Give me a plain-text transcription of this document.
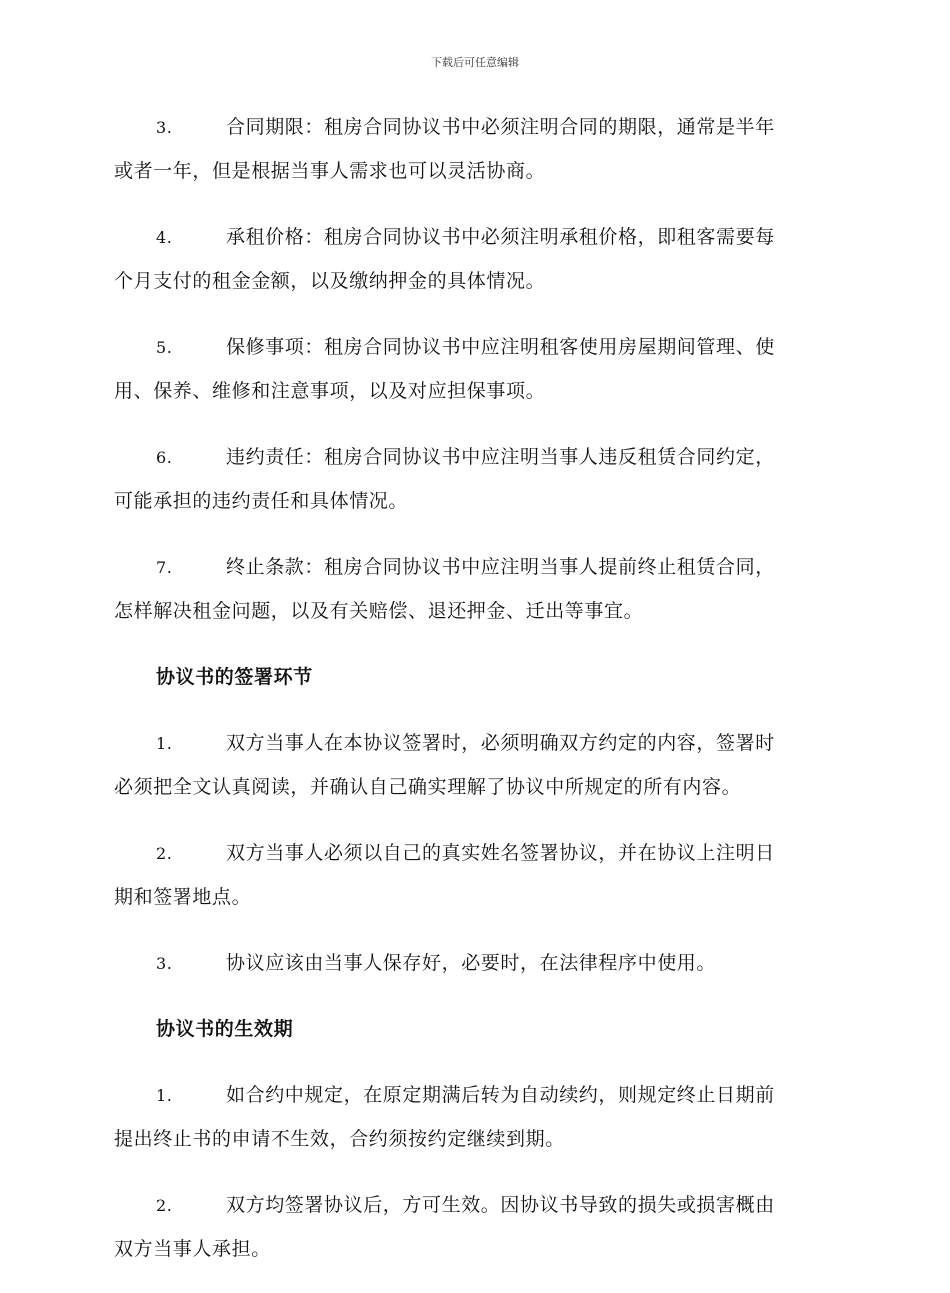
下载后可任意编辑
3.	合同期限：租房合同协议书中必须注明合同的期限，通常是半年
或者一年，但是根据当事人需求也可以灵活协商。
4.	承租价格：租房合同协议书中必须注明承租价格，即租客需要每
个月支付的租金金额，以及缴纳押金的具体情况。
5.	保修事项：租房合同协议书中应注明租客使用房屋期间管理、使
用、保养、维修和注意事项，以及对应担保事项。
6.	违约责任：租房合同协议书中应注明当事人违反租赁合同约定，
可能承担的违约责任和具体情况。
7.	终止条款：租房合同协议书中应注明当事人提前终止租赁合同，
怎样解决租金问题，以及有关赔偿、退还押金、迁出等事宜。
协议书的签署环节
1.	双方当事人在本协议签署时，必须明确双方约定的内容，签署时
必须把全文认真阅读，并确认自己确实理解了协议中所规定的所有内容。
2.	双方当事人必须以自己的真实姓名签署协议，并在协议上注明日
期和签署地点。
3.	协议应该由当事人保存好，必要时，在法律程序中使用。
协议书的生效期
1.	如合约中规定，在原定期满后转为自动续约，则规定终止日期前
提出终止书的申请不生效，合约须按约定继续到期。
2.	双方均签署协议后，方可生效。因协议书导致的损失或损害概由
双方当事人承担。
